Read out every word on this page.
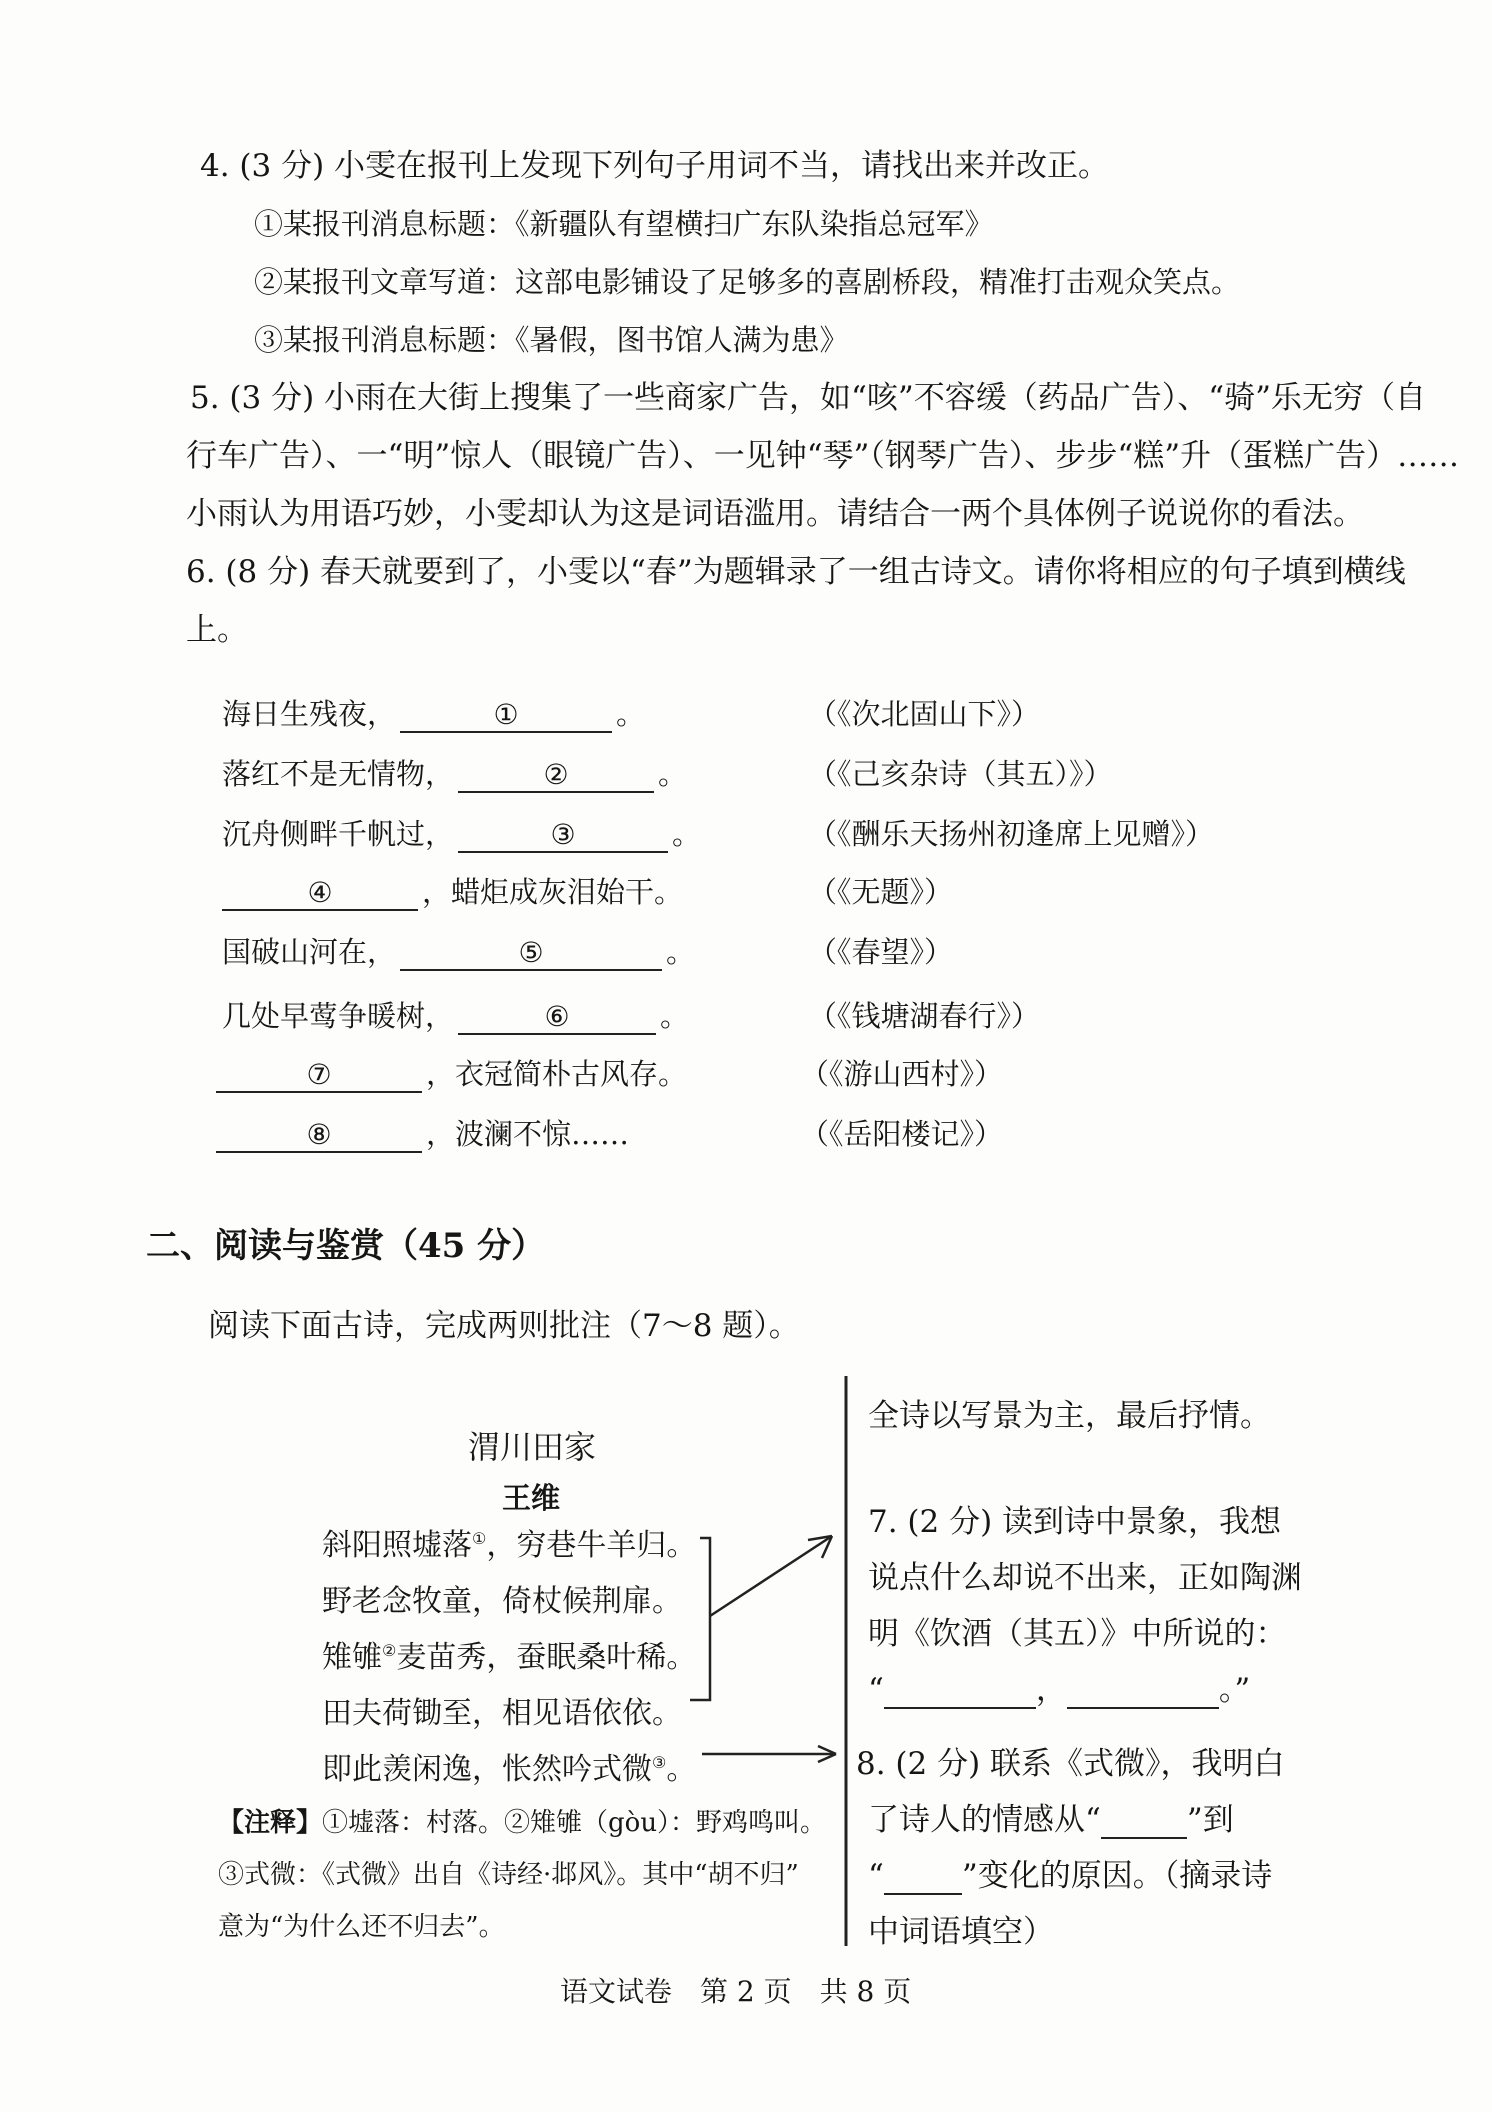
4. (3 分) 小雯在报刊上发现下列句子用词不当，请找出来并改正。
①某报刊消息标题：《新疆队有望横扫广东队染指总冠军》
②某报刊文章写道：这部电影铺设了足够多的喜剧桥段，精准打击观众笑点。
③某报刊消息标题：《暑假，图书馆人满为患》
5. (3 分) 小雨在大街上搜集了一些商家广告，如“咳”不容缓（药品广告）、“骑”乐无穷（自
行车广告）、一“明”惊人（眼镜广告）、一见钟“琴”（钢琴广告）、步步“糕”升（蛋糕广告）……
小雨认为用语巧妙，小雯却认为这是词语滥用。请结合一两个具体例子说说你的看法。
6. (8 分) 春天就要到了，小雯以“春”为题辑录了一组古诗文。请你将相应的句子填到横线
上。
海日生残夜，	①	。	（《次北固山下》）
落红不是无情物，	②	。	（《己亥杂诗（其五）》）
沉舟侧畔千帆过，	③	。	（《酬乐天扬州初逢席上见赠》）
④	，蜡炬成灰泪始干。	（《无题》）
国破山河在，	⑤	。	（《春望》）
几处早莺争暖树，	⑥	。	（《钱塘湖春行》）
⑦	，衣冠简朴古风存。	（《游山西村》）
⑧	，波澜不惊……	（《岳阳楼记》）
二、阅读与鉴赏（45 分）
阅读下面古诗，完成两则批注（7～8 题）。
渭川田家
王维
斜阳照墟落①，穷巷牛羊归。
野老念牧童，倚杖候荆扉。
雉雊②麦苗秀，蚕眠桑叶稀。
田夫荷锄至，相见语依依。
即此羡闲逸，怅然吟式微③。
【注释】①墟落：村落。②雉雊（gòu）：野鸡鸣叫。
③式微：《式微》出自《诗经·邶风》。其中“胡不归”
意为“为什么还不归去”。
全诗以写景为主，最后抒情。
7. (2 分) 读到诗中景象，我想
说点什么却说不出来，正如陶渊
明《饮酒（其五）》中所说的：
“	，	。”
8. (2 分) 联系《式微》，我明白
了诗人的情感从“	”到
“	”变化的原因。（摘录诗
中词语填空）
语文试卷　第 2 页　共 8 页
